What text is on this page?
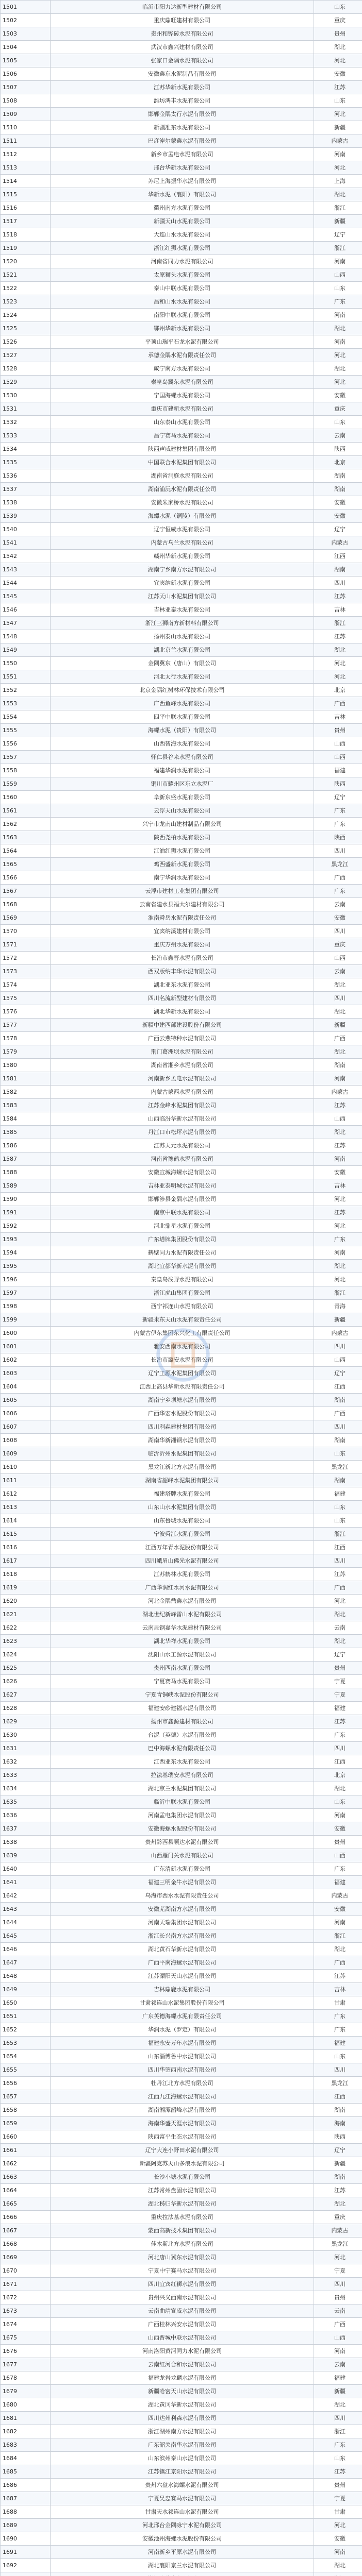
1501	临沂市阳力达新型建材有限公司	山东
1502	重庆鼎旺建材有限公司	重庆
1503	贵州和铧砖水泥有限公司	贵州
1504	武汉市鑫兴建材有限公司	湖北
1505	张家口金隅水泥有限公司	河北
1506	安徽鑫东水泥制品有限公司	安徽
1507	江苏华新水泥有限公司	江苏
1508	潍坊鸿丰水泥有限公司	山东
1509	邯郸金隅太行水泥有限公司	河北
1510	新疆准东水泥有限公司	新疆
1511	巴彦淖尔蒙鑫水泥有限公司	内蒙古
1512	新乡市孟电水泥有限公司	河南
1513	邢台华新水泥有限公司	河北
1514	苏尼上海振华水泥有限公司	上海
1515	华新水泥（襄阳）有限公司	湖北
1516	衢州南方水泥有限公司	浙江
1517	新疆天山水泥有限公司	新疆
1518	大连山水水泥有限公司	辽宁
1519	浙江红狮水泥有限公司	浙江
1520	河南省同力水泥有限公司	河南
1521	太原狮头水泥有限公司	山西
1522	泰山中联水泥有限公司	山东
1523	昌和山水水泥有限公司	广东
1524	南阳中联水泥有限公司	河南
1525	鄂州华新水泥有限公司	湖北
1526	平顶山瑞平石龙水泥有限公司	河南
1527	承德金隅水泥有限责任公司	河北
1528	咸宁南方水泥有限公司	湖北
1529	秦皇岛冀东水泥有限公司	河北
1530	宁国海螺水泥有限公司	安徽
1531	重庆市建新水泥有限公司	重庆
1532	山东泰山水泥有限公司	山东
1533	昌宁赛马水泥有限公司	云南
1534	陕西声威建材集团有限公司	陕西
1535	中国联合水泥集团有限公司	北京
1536	湖南省洞庭水泥有限公司	湖南
1537	湖南浦沅水泥有限责任公司	湖南
1538	安徽朱家桥水泥有限公司	安徽
1539	海螺水泥（铜陵）有限公司	安徽
1540	辽宁恒威水泥有限公司	辽宁
1541	内蒙古乌兰水泥有限公司	内蒙古
1542	赣州华新水泥有限公司	江西
1543	湖南宁乡南方水泥有限公司	湖南
1544	宜宾纳新水泥有限公司	四川
1545	江苏天山水泥集团有限公司	江苏
1546	吉林亚泰水泥有限公司	吉林
1547	浙江三狮南方新材料有限公司	浙江
1548	扬州泰山水泥有限公司	江苏
1549	湖北京兰水泥有限公司	湖北
1550	金隅冀东（唐山）有限公司	河北
1551	河北太行水泥有限公司	河北
1552	北京金隅红树林环保技术有限公司	北京
1553	广西鱼峰水泥有限公司	广西
1554	四平中联水泥有限公司	吉林
1555	海螺水泥（贵阳）有限公司	贵州
1556	山西智海水泥有限公司	山西
1557	怀仁县谷来水泥有限公司	山西
1558	福建华润水泥有限公司	福建
1559	铜川市耀州区东立水泥厂	陕西
1560	阜新东盛水泥有限公司	辽宁
1561	云浮天山水泥有限公司	广东
1562	兴宁市龙南山建材制品有限公司	广东
1563	陕西尧柏水泥有限公司	陕西
1564	江油红狮水泥有限公司	四川
1565	鸡西盛新水泥有限公司	黑龙江
1566	南宁华润水泥有限公司	广西
1567	云浮市建材工业集团有限公司	广东
1568	云南省建水县福大尔建材有限公司	云南
1569	淮南舜岳水泥有限责任公司	安徽
1570	宜宾纳溪建材有限公司	四川
1571	重庆万州水泥有限公司	重庆
1572	长治市鑫晋水泥有限公司	山西
1573	西双版纳丰华水泥有限公司	云南
1574	湖北亚东水泥有限公司	湖北
1575	四川名流新型建材有限公司	四川
1576	湖北华新水泥有限公司	湖北
1577	新疆中建西部建设股份有限公司	新疆
1578	广西云燕特种水泥有限公司	广西
1579	荆门葛洲坝水泥有限公司	湖北
1580	湖南省湘乡水泥有限公司	湖南
1581	河南新乡孟电水泥有限公司	河南
1582	内蒙古蒙西水泥有限公司	内蒙古
1583	江苏金峰水泥集团有限公司	江苏
1584	山西临汾华新水泥有限公司	山西
1585	丹江口市松坪水泥有限公司	湖北
1586	江苏天元水泥有限公司	江苏
1587	河南省豫鹤水泥有限公司	河南
1588	安徽宣城海螺水泥有限公司	安徽
1589	吉林亚泰明城水泥有限公司	吉林
1590	邯郸涉县金隅水泥有限公司	河北
1591	南京中联水泥有限公司	江苏
1592	河北鼎星水泥有限公司	河北
1593	广东塔牌集团股份有限公司	广东
1594	鹤壁同力水泥有限责任公司	河南
1595	湖北宜都华新水泥有限公司	湖北
1596	秦皇岛浅野水泥有限公司	河北
1597	浙江虎山集团有限公司	浙江
1598	西宁祁连山水泥有限公司	青海
1599	新疆米东天山水泥有限责任公司	新疆
1600	内蒙古伊东集团东兴化工有限责任公司	内蒙古
1601	雅安西南水泥有限公司	四川
1602	长治市潞安水泥有限公司	山西
1603	辽宁工源水泥集团有限公司	辽宁
1604	江西上高县华新水泥有限责任公司	江西
1605	湖南宁乡坝塘水泥有限公司	湖南
1606	广西华宏水泥股份有限公司	广西
1607	四川利森建材集团有限公司	四川
1608	湖南华新湘钢水泥有限公司	湖南
1609	临沂沂州水泥集团有限公司	山东
1610	黑龙江新北方水泥有限公司	黑龙江
1611	湖南省韶峰水泥集团有限公司	湖南
1612	福建塔牌水泥有限公司	福建
1613	山东山水水泥集团有限公司	山东
1614	山东鲁城水泥有限公司	山东
1615	宁波舜江水泥有限公司	浙江
1616	江西万年青水泥股份有限公司	江西
1617	四川峨眉山佛光水泥有限公司	四川
1618	江苏鹤林水泥有限公司	江苏
1619	广西华润红水河水泥有限公司	广西
1620	河北金隅鼎鑫水泥有限公司	河北
1621	湖北世纪新峰雷山水泥有限公司	湖北
1622	云南昆钢嘉华水泥建材有限公司	云南
1623	湖北华祥水泥有限公司	湖北
1624	沈阳山水工源水泥有限公司	辽宁
1625	贵州西南水泥有限公司	贵州
1626	宁夏赛马水泥有限公司	宁夏
1627	宁夏青铜峡水泥股份有限公司	宁夏
1628	福建安砂建福水泥有限公司	福建
1629	扬州市鑫源建材有限公司	江苏
1630	台泥（英德）水泥有限公司	广东
1631	巴中海螺水泥有限责任公司	四川
1632	江西亚东水泥有限公司	江西
1633	拉法基瑞安水泥有限公司	北京
1634	湖北京兰水泥集团有限公司	湖北
1635	临沂中联水泥有限公司	山东
1636	河南孟电集团水泥有限公司	河南
1637	安徽海螺水泥股份有限公司	安徽
1638	贵州黔西县顺达水泥有限公司	贵州
1639	山西雁门关水泥有限公司	山西
1640	广东清新水泥有限公司	广东
1641	福建三明金牛水泥有限公司	福建
1642	乌海市西水水泥有限责任公司	内蒙古
1643	安徽芜湖南方水泥有限公司	安徽
1644	河南天瑞集团水泥有限公司	河南
1645	浙江长兴南方水泥有限公司	浙江
1646	湖北黄石华新水泥有限公司	湖北
1647	广西平南海螺水泥有限公司	广西
1648	江苏溧阳天山水泥有限公司	江苏
1649	吉林鼎鹿水泥有限公司	吉林
1650	甘肃祁连山水泥集团股份有限公司	甘肃
1651	广东英德海螺水泥有限责任公司	广东
1652	华润水泥（罗定）有限公司	广东
1653	福建永安万年水泥有限公司	福建
1654	山东淄博鲁中水泥有限公司	山东
1655	四川华蓥西南水泥有限公司	四川
1656	牡丹江北方水泥有限公司	黑龙江
1657	江西九江海螺水泥有限公司	江西
1658	湖南湘潭韶峰水泥有限公司	湖南
1659	海南华盛天涯水泥有限公司	海南
1660	陕西富平生态水泥有限公司	陕西
1661	辽宁大连小野田水泥有限公司	辽宁
1662	新疆阿克苏天山多浪水泥有限公司	新疆
1663	长沙小塘水泥有限公司	湖南
1664	江苏常州盘固水泥有限公司	江苏
1665	湖北秭归华新水泥有限公司	湖北
1666	重庆拉法基水泥有限公司	重庆
1667	蒙西高新技术集团有限公司	内蒙古
1668	佳木斯北方水泥有限公司	黑龙江
1669	河北唐山冀东水泥有限公司	河北
1670	宁夏中宁赛马水泥有限公司	宁夏
1671	四川宜宾红狮水泥有限公司	四川
1672	贵州兴义西南水泥有限公司	贵州
1673	云南曲靖宣威水泥有限公司	云南
1674	广西桂林兴安水泥有限公司	广西
1675	山西晋城中联水泥有限公司	山西
1676	河南洛阳黄河同力水泥有限公司	河南
1677	云南红河合和水泥有限公司	云南
1678	福建龙岩龙麟水泥有限公司	福建
1679	新疆哈密天山水泥有限公司	新疆
1680	湖北黄冈华新水泥有限公司	湖北
1681	四川达州利森水泥有限公司	四川
1682	浙江湖州南方水泥有限公司	浙江
1683	广东韶关南华水泥有限公司	广东
1684	山东滨州泰山水泥有限公司	山东
1685	江苏镇江京阳水泥有限公司	江苏
1686	贵州六盘水海螺水泥有限公司	贵州
1687	宁夏吴忠赛马水泥有限公司	宁夏
1688	甘肃天水祁连山水泥有限公司	甘肃
1689	河北邢台金隅咏宁水泥有限公司	河北
1690	安徽池州海螺水泥股份有限公司	安徽
1691	河南新乡平原水泥有限公司	河南
1692	湖北襄阳京兰水泥有限公司	湖北
